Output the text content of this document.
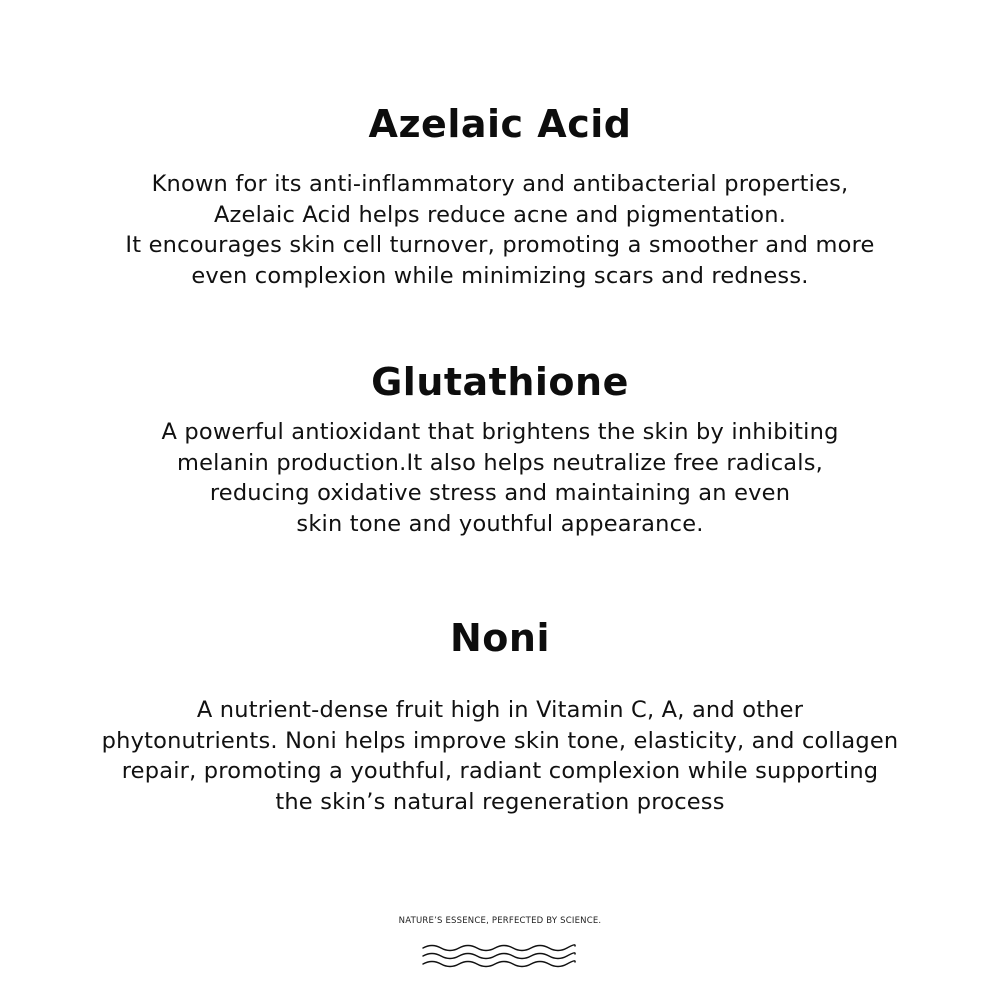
Azelaic Acid
Known for its anti-inflammatory and antibacterial properties,
Azelaic Acid helps reduce acne and pigmentation.
It encourages skin cell turnover, promoting a smoother and more
even complexion while minimizing scars and redness.
Glutathione
A powerful antioxidant that brightens the skin by inhibiting
melanin production.It also helps neutralize free radicals,
reducing oxidative stress and maintaining an even
skin tone and youthful appearance.
Noni
A nutrient-dense fruit high in Vitamin C, A, and other
phytonutrients. Noni helps improve skin tone, elasticity, and collagen
repair, promoting a youthful, radiant complexion while supporting
the skin’s natural regeneration process
NATURE’S ESSENCE, PERFECTED BY SCIENCE.
